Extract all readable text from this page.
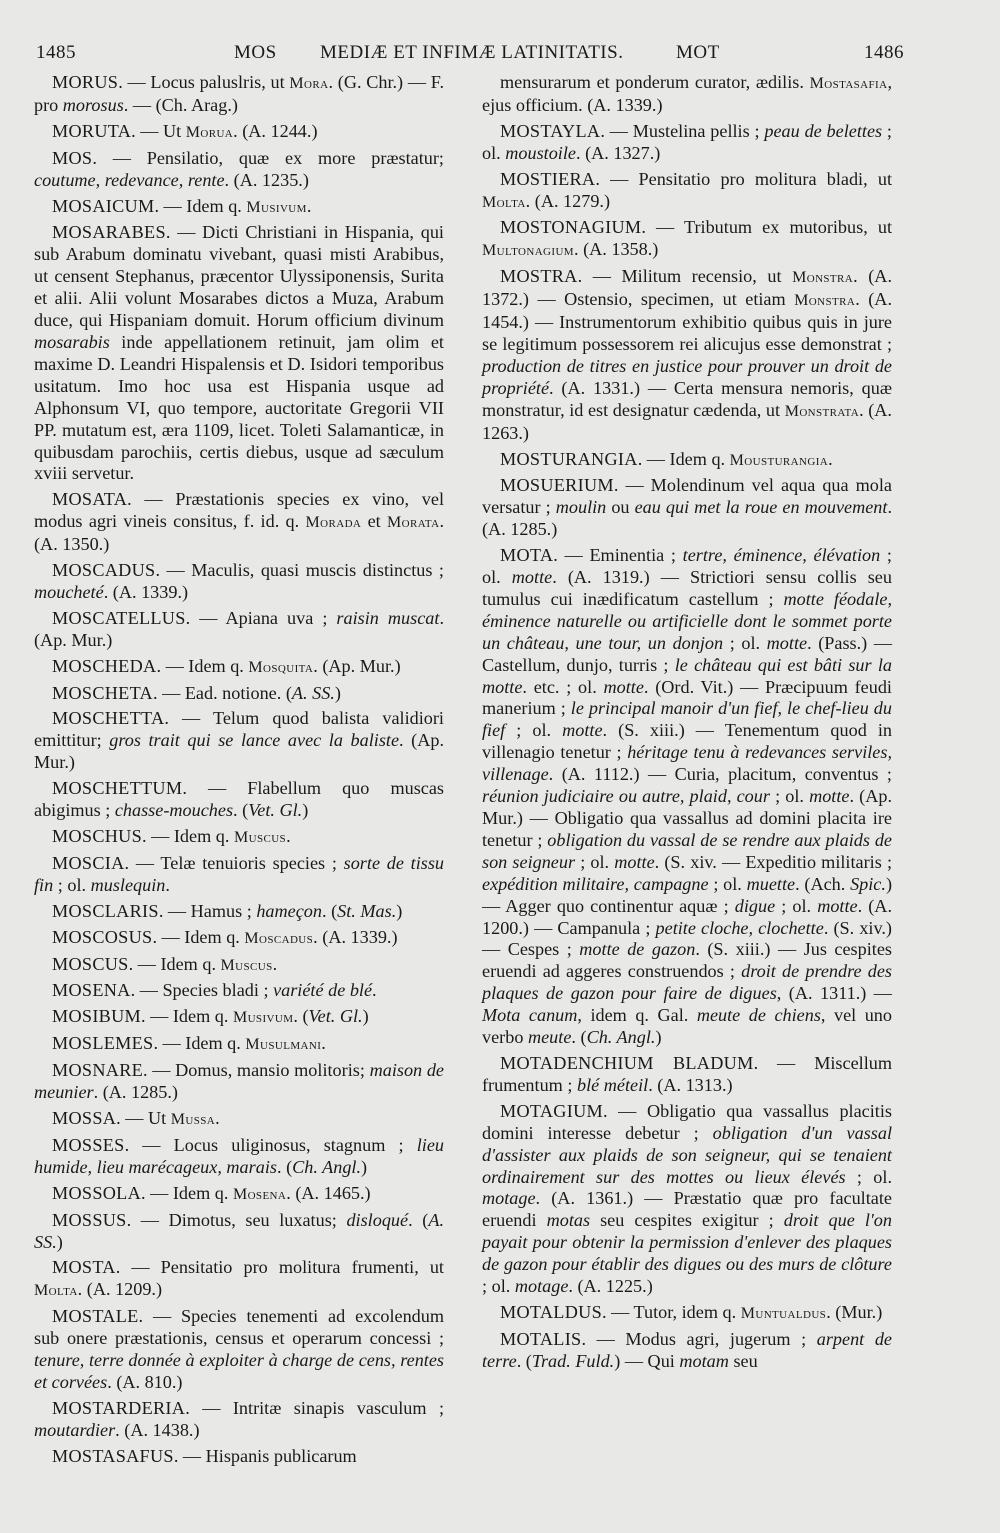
1485	MOS MEDIÆ ET INFIMÆ LATINITATIS.	MOT	1486

MORUS. — Locus paluslris, ut Mora. (G. Chr.) — F. pro morosus. — (Ch. Arag.)

MORUTA. — Ut Morua. (A. 1244.)

MOS. — Pensilatio, quæ ex more præstatur; coutume, redevance, rente. (A. 1235.)

MOSAICUM. — Idem q. Musivum.

MOSARABES. — Dicti Christiani in Hispania, qui sub Arabum dominatu vivebant, quasi misti Arabibus, ut censent Stephanus, præcentor Ulyssiponensis, Surita et alii. Alii volunt Mosarabes dictos a Muza, Arabum duce, qui Hispaniam domuit. Horum officium divinum mosarabis inde appellationem retinuit, jam olim et maxime D. Leandri Hispalensis et D. Isidori temporibus usitatum. Imo hoc usa est Hispania usque ad Alphonsum VI, quo tempore, auctoritate Gregorii VII PP. mutatum est, æra 1109, licet. Toleti Salamanticæ, in quibusdam parochiis, certis diebus, usque ad sæculum xviii servetur.

MOSATA. — Præstationis species ex vino, vel modus agri vineis consitus, f. id. q. Morada et Morata. (A. 1350.)

MOSCADUS. — Maculis, quasi muscis distinctus ; moucheté. (A. 1339.)

MOSCATELLUS. — Apiana uva ; raisin muscat. (Ap. Mur.)

MOSCHEDA. — Idem q. Mosquita. (Ap. Mur.)

MOSCHETA. — Ead. notione. (A. SS.)

MOSCHETTA. — Telum quod balista validiori emittitur; gros trait qui se lance avec la baliste. (Ap. Mur.)

MOSCHETTUM. — Flabellum quo muscas abigimus ; chasse-mouches. (Vet. Gl.)

MOSCHUS. — Idem q. Muscus.

MOSCIA. — Telæ tenuioris species ; sorte de tissu fin ; ol. muslequin.

MOSCLARIS. — Hamus ; hameçon. (St. Mas.)

MOSCOSUS. — Idem q. Moscadus. (A. 1339.)

MOSCUS. — Idem q. Muscus.

MOSENA. — Species bladi ; variété de blé.

MOSIBUM. — Idem q. Musivum. (Vet. Gl.)

MOSLEMES. — Idem q. Musulmani.

MOSNARE. — Domus, mansio molitoris; maison de meunier. (A. 1285.)

MOSSA. — Ut Mussa.

MOSSES. — Locus uliginosus, stagnum ; lieu humide, lieu marécageux, marais. (Ch. Angl.)

MOSSOLA. — Idem q. Mosena. (A. 1465.)

MOSSUS. — Dimotus, seu luxatus; disloqué. (A. SS.)

MOSTA. — Pensitatio pro molitura frumenti, ut Molta. (A. 1209.)

MOSTALE. — Species tenementi ad excolendum sub onere præstationis, census et operarum concessi ; tenure, terre donnée à exploiter à charge de cens, rentes et corvées. (A. 810.)

MOSTARDERIA. — Intritæ sinapis vasculum ; moutardier. (A. 1438.)

MOSTASAFUS. — Hispanis publicarum

mensurarum et ponderum curator, ædilis. Mostasafia, ejus officium. (A. 1339.)

MOSTAYLA. — Mustelina pellis ; peau de belettes ; ol. moustoile. (A. 1327.)

MOSTIERA. — Pensitatio pro molitura bladi, ut Molta. (A. 1279.)

MOSTONAGIUM. — Tributum ex mutoribus, ut Multonagium. (A. 1358.)

MOSTRA. — Militum recensio, ut Monstra. (A. 1372.) — Ostensio, specimen, ut etiam Monstra. (A. 1454.) — Instrumentorum exhibitio quibus quis in jure se legitimum possessorem rei alicujus esse demonstrat ; production de titres en justice pour prouver un droit de propriété. (A. 1331.) — Certa mensura nemoris, quæ monstratur, id est designatur cædenda, ut Monstrata. (A. 1263.)

MOSTURANGIA. — Idem q. Mousturangia.

MOSUERIUM. — Molendinum vel aqua qua mola versatur ; moulin ou eau qui met la roue en mouvement. (A. 1285.)

MOTA. — Eminentia ; tertre, éminence, élévation ; ol. motte. (A. 1319.) — Strictiori sensu collis seu tumulus cui inædificatum castellum ; motte féodale, éminence naturelle ou artificielle dont le sommet porte un château, une tour, un donjon ; ol. motte. (Pass.) — Castellum, dunjo, turris ; le château qui est bâti sur la motte. etc. ; ol. motte. (Ord. Vit.) — Præcipuum feudi manerium ; le principal manoir d'un fief, le chef-lieu du fief ; ol. motte. (S. xiii.) — Tenementum quod in villenagio tenetur ; héritage tenu à redevances serviles, villenage. (A. 1112.) — Curia, placitum, conventus ; réunion judiciaire ou autre, plaid, cour ; ol. motte. (Ap. Mur.) — Obligatio qua vassallus ad domini placita ire tenetur ; obligation du vassal de se rendre aux plaids de son seigneur ; ol. motte. (S. xiv. — Expeditio militaris ; expédition militaire, campagne ; ol. muette. (Ach. Spic.) — Agger quo continentur aquæ ; digue ; ol. motte. (A. 1200.) — Campanula ; petite cloche, clochette. (S. xiv.) — Cespes ; motte de gazon. (S. xiii.) — Jus cespites eruendi ad aggeres construendos ; droit de prendre des plaques de gazon pour faire de digues, (A. 1311.) — Mota canum, idem q. Gal. meute de chiens, vel uno verbo meute. (Ch. Angl.)

MOTADENCHIUM BLADUM. — Miscellum frumentum ; blé méteil. (A. 1313.)

MOTAGIUM. — Obligatio qua vassallus placitis domini interesse debetur ; obligation d'un vassal d'assister aux plaids de son seigneur, qui se tenaient ordinairement sur des mottes ou lieux élevés ; ol. motage. (A. 1361.) — Præstatio quæ pro facultate eruendi motas seu cespites exigitur ; droit que l'on payait pour obtenir la permission d'enlever des plaques de gazon pour établir des digues ou des murs de clôture ; ol. motage. (A. 1225.)

MOTALDUS. — Tutor, idem q. Muntualdus. (Mur.)

MOTALIS. — Modus agri, jugerum ; arpent de terre. (Trad. Fuld.) — Qui motam seu
